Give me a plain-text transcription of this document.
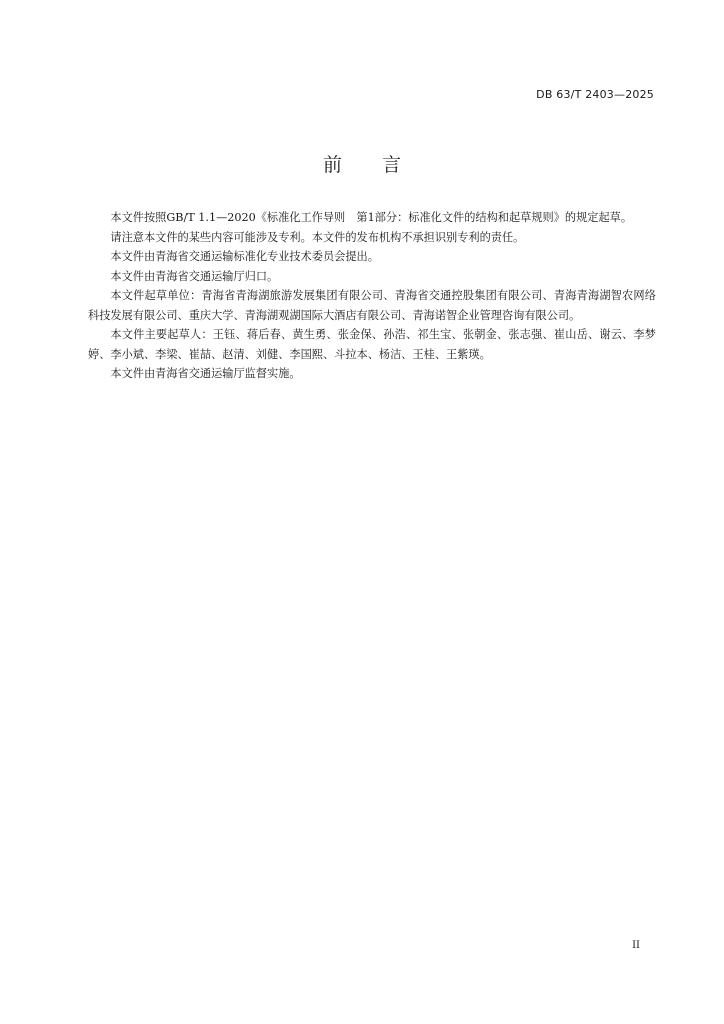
DB 63/T 2403—2025
前 言

本文件按照GB/T 1.1—2020《标准化工作导则　第1部分：标准化文件的结构和起草规则》的规定起草。

请注意本文件的某些内容可能涉及专利。本文件的发布机构不承担识别专利的责任。

本文件由青海省交通运输标准化专业技术委员会提出。

本文件由青海省交通运输厅归口。

本文件起草单位：青海省青海湖旅游发展集团有限公司、青海省交通控股集团有限公司、青海青海湖智农网络科技发展有限公司、重庆大学、青海湖观湖国际大酒店有限公司、青海诺智企业管理咨询有限公司。

本文件主要起草人：王钰、蒋后春、黄生勇、张金保、孙浩、祁生宝、张朝金、张志强、崔山岳、谢云、李梦婷、李小斌、李梁、崔喆、赵清、刘健、李国熙、斗拉本、杨洁、王桂、王紫瑛。

本文件由青海省交通运输厅监督实施。

II
